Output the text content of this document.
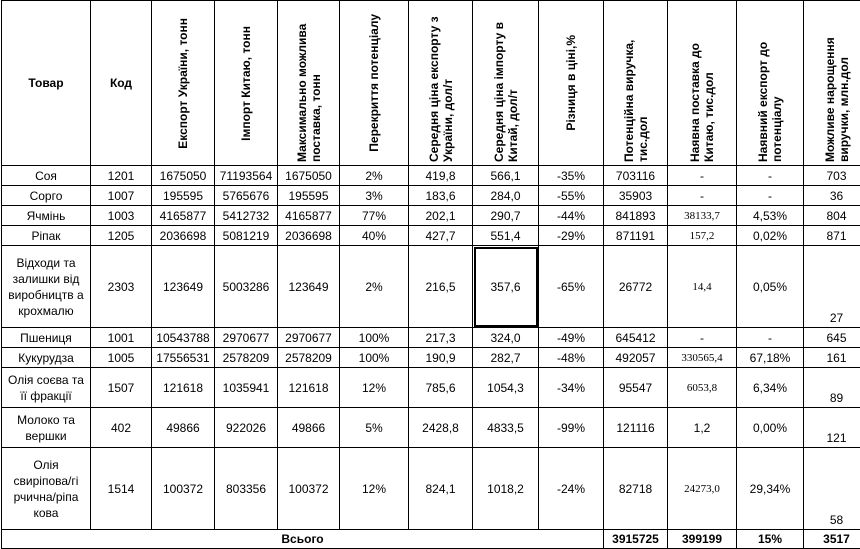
Товар	Код	Експорт України, тонн	Імпорт Китаю, тонн	Максимально можлива поставка, тонн	Перекриття потенціалу	Середня ціна експорту з України, дол/т	Середня ціна імпорту в Китай, дол/т	Різниця в ціні,%	Потенційна виручка, тис.дол	Наявна поставка до Китаю, тис.дол	Наявний експорт до потенціалу	Можливе нарощення виручки, млн.дол

Соя	1201	1675050	71193564	1675050	2%	419,8	566,1	-35%	703116	-	-	703
Сорго	1007	195595	5765676	195595	3%	183,6	284,0	-55%	35903	-	-	36
Ячмінь	1003	4165877	5412732	4165877	77%	202,1	290,7	-44%	841893	38133,7	4,53%	804
Ріпак	1205	2036698	5081219	2036698	40%	427,7	551,4	-29%	871191	157,2	0,02%	871
Відходи та залишки від виробництв а крохмалю	2303	123649	5003286	123649	2%	216,5	357,6	-65%	26772	14,4	0,05%	27
Пшениця	1001	10543788	2970677	2970677	100%	217,3	324,0	-49%	645412	-	-	645
Кукурудза	1005	17556531	2578209	2578209	100%	190,9	282,7	-48%	492057	330565,4	67,18%	161
Олія соєва та її фракції	1507	121618	1035941	121618	12%	785,6	1054,3	-34%	95547	6053,8	6,34%	89
Молоко та вершки	402	49866	922026	49866	5%	2428,8	4833,5	-99%	121116	1,2	0,00%	121
Олія свирiпова/гі рчична/ріпа кова	1514	100372	803356	100372	12%	824,1	1018,2	-24%	82718	24273,0	29,34%	58
Всього									3915725	399199	15%	3517
